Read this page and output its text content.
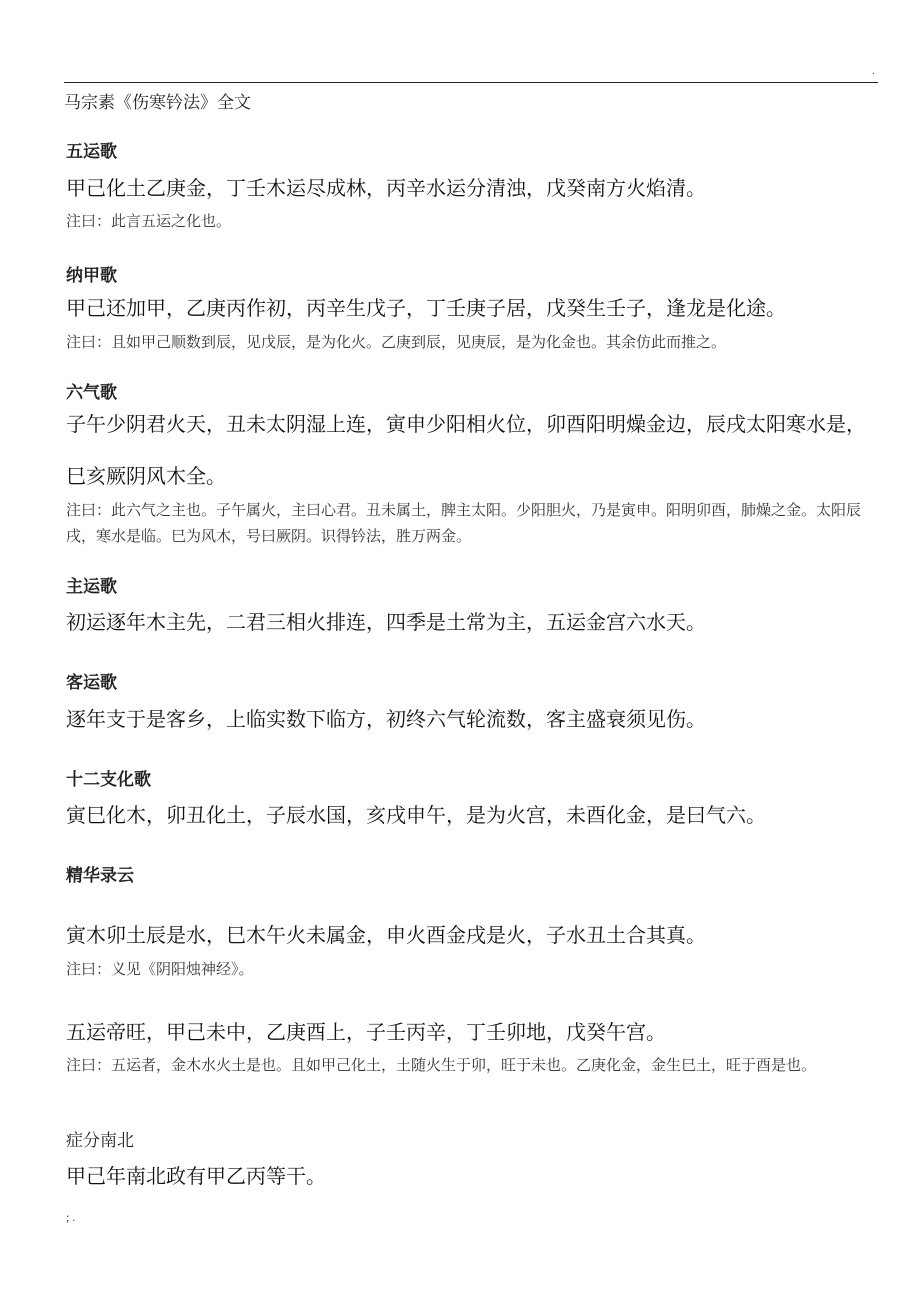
.
马宗素《伤寒钤法》全文
五运歌
甲己化土乙庚金，丁壬木运尽成林，丙辛水运分清浊，戊癸南方火焰清。
注曰：此言五运之化也。
纳甲歌
甲己还加甲，乙庚丙作初，丙辛生戊子，丁壬庚子居，戊癸生壬子，逢龙是化途。
注曰：且如甲己顺数到辰，见戊辰，是为化火。乙庚到辰，见庚辰，是为化金也。其余仿此而推之。
六气歌
子午少阴君火天，丑未太阴湿上连，寅申少阳相火位，卯酉阳明燥金边，辰戌太阳寒水是，巳亥厥阴风木全。
注曰：此六气之主也。子午属火，主曰心君。丑未属土，脾主太阳。少阳胆火，乃是寅申。阳明卯酉，肺燥之金。太阳辰戌，寒水是临。巳为风木，号曰厥阴。识得钤法，胜万两金。
主运歌
初运逐年木主先，二君三相火排连，四季是土常为主，五运金宫六水天。
客运歌
逐年支于是客乡，上临实数下临方，初终六气轮流数，客主盛衰须见伤。
十二支化歌
寅巳化木，卯丑化土，子辰水国，亥戌申午，是为火宫，未酉化金，是曰气六。
精华录云
寅木卯土辰是水，巳木午火未属金，申火酉金戌是火，子水丑土合其真。
注曰：义见《阴阳烛神经》。
五运帝旺，甲己未中，乙庚酉上，子壬丙辛，丁壬卯地，戊癸午宫。
注曰：五运者，金木水火土是也。且如甲己化土，土随火生于卯，旺于未也。乙庚化金，金生巳土，旺于酉是也。
症分南北
甲己年南北政有甲乙丙等干。
; .
